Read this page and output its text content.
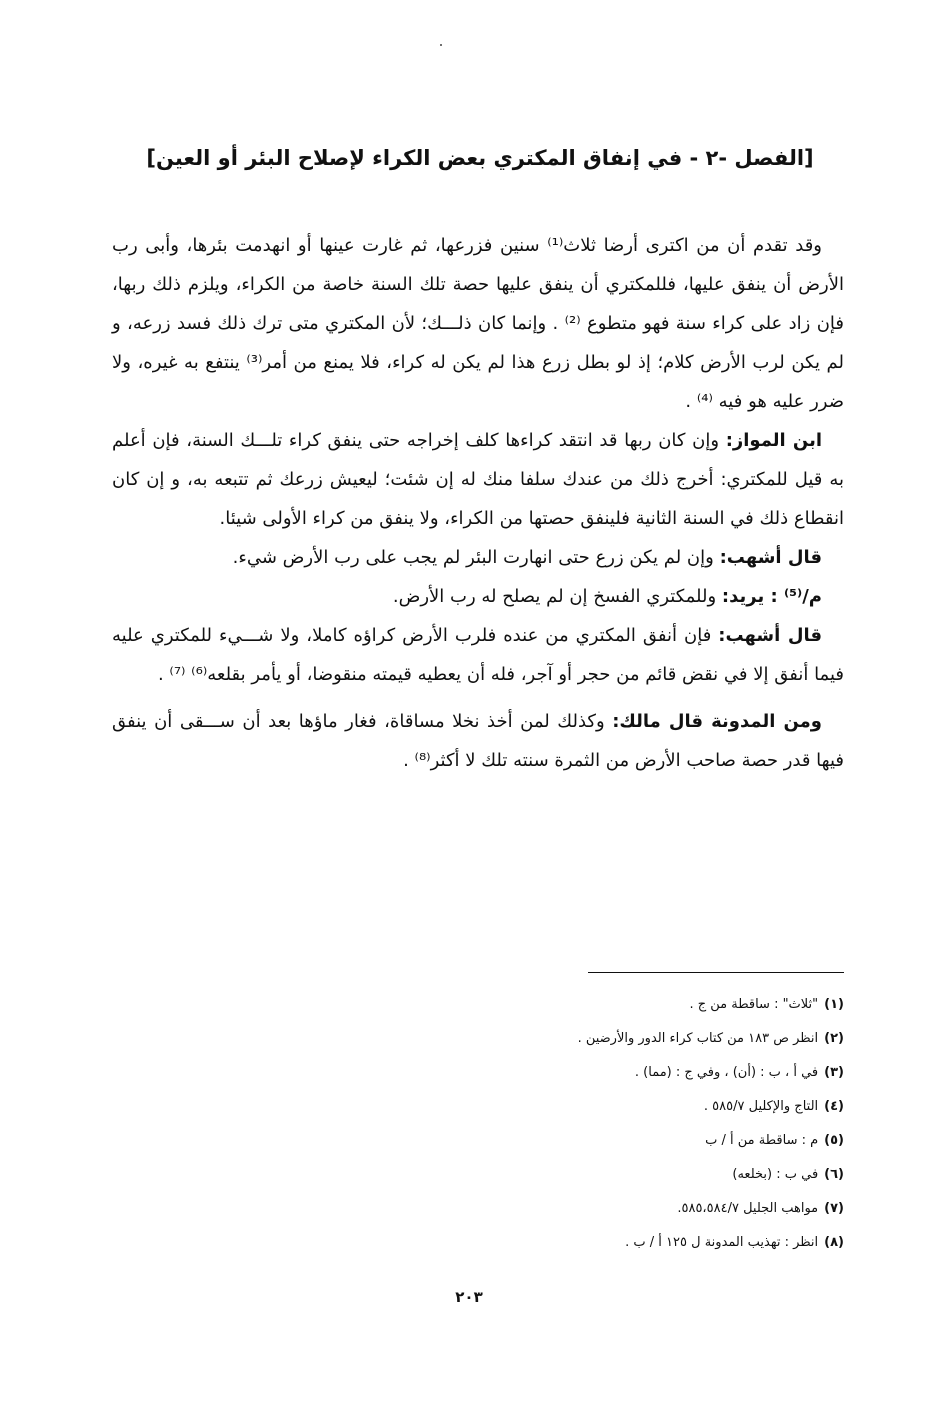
[الفصل -٢ - في إنفاق المكتري بعض الكراء لإصلاح البئر أو العين]

وقد تقدم أن من اكترى أرضا ثلاث⁽¹⁾ سنين فزرعها، ثم غارت عينها أو انهدمت بئرها، وأبى رب الأرض أن ينفق عليها، فللمكتري أن ينفق عليها حصة تلك السنة خاصة من الكراء، ويلزم ذلك ربها، فإن زاد على كراء سنة فهو متطوع ⁽²⁾ . وإنما كان ذلـــك؛ لأن المكتري متى ترك ذلك فسد زرعه، و لم يكن لرب الأرض كلام؛ إذ لو بطل زرع هذا لم يكن له كراء، فلا يمنع من أمر⁽³⁾ ينتفع به غيره، ولا ضرر عليه هو فيه ⁽⁴⁾ .

ابن المواز: وإن كان ربها قد انتقد كراءها كلف إخراجه حتى ينفق كراء تلـــك السنة، فإن أعلم به قيل للمكتري: أخرج ذلك من عندك سلفا منك له إن شئت؛ ليعيش زرعك ثم تتبعه به، و إن كان انقطاع ذلك في السنة الثانية فلينفق حصتها من الكراء، ولا ينفق من كراء الأولى شيئا.

قال أشهب: وإن لم يكن زرع حتى انهارت البئر لم يجب على رب الأرض شيء.

م/⁽⁵⁾ : يريد: وللمكتري الفسخ إن لم يصلح له رب الأرض.

قال أشهب: فإن أنفق المكتري من عنده فلرب الأرض كراؤه كاملا، ولا شـــيء للمكتري عليه فيما أنفق إلا في نقض قائم من حجر أو آجر، فله أن يعطيه قيمته منقوضا، أو يأمر بقلعه⁽⁶⁾ ⁽⁷⁾ .

ومن المدونة قال مالك: وكذلك لمن أخذ نخلا مساقاة، فغار ماؤها بعد أن ســـقى أن ينفق فيها قدر حصة صاحب الأرض من الثمرة سنته تلك لا أكثر⁽⁸⁾ .

(١)"ثلاث" : ساقطة من ج .
(٢)انظر ص ١٨٣ من كتاب كراء الدور والأرضين .
(٣)في أ ، ب : (أن) ، وفي ج : (مما) .
(٤)التاج والإكليل ٥٨٥/٧ .
(٥)م : ساقطة من أ / ب
(٦)في ب : (بخلعه)
(٧)مواهب الجليل ٥٨٥،٥٨٤/٧.
(٨)انظر : تهذيب المدونة ل ١٢٥ أ / ب .
٢٠٣
